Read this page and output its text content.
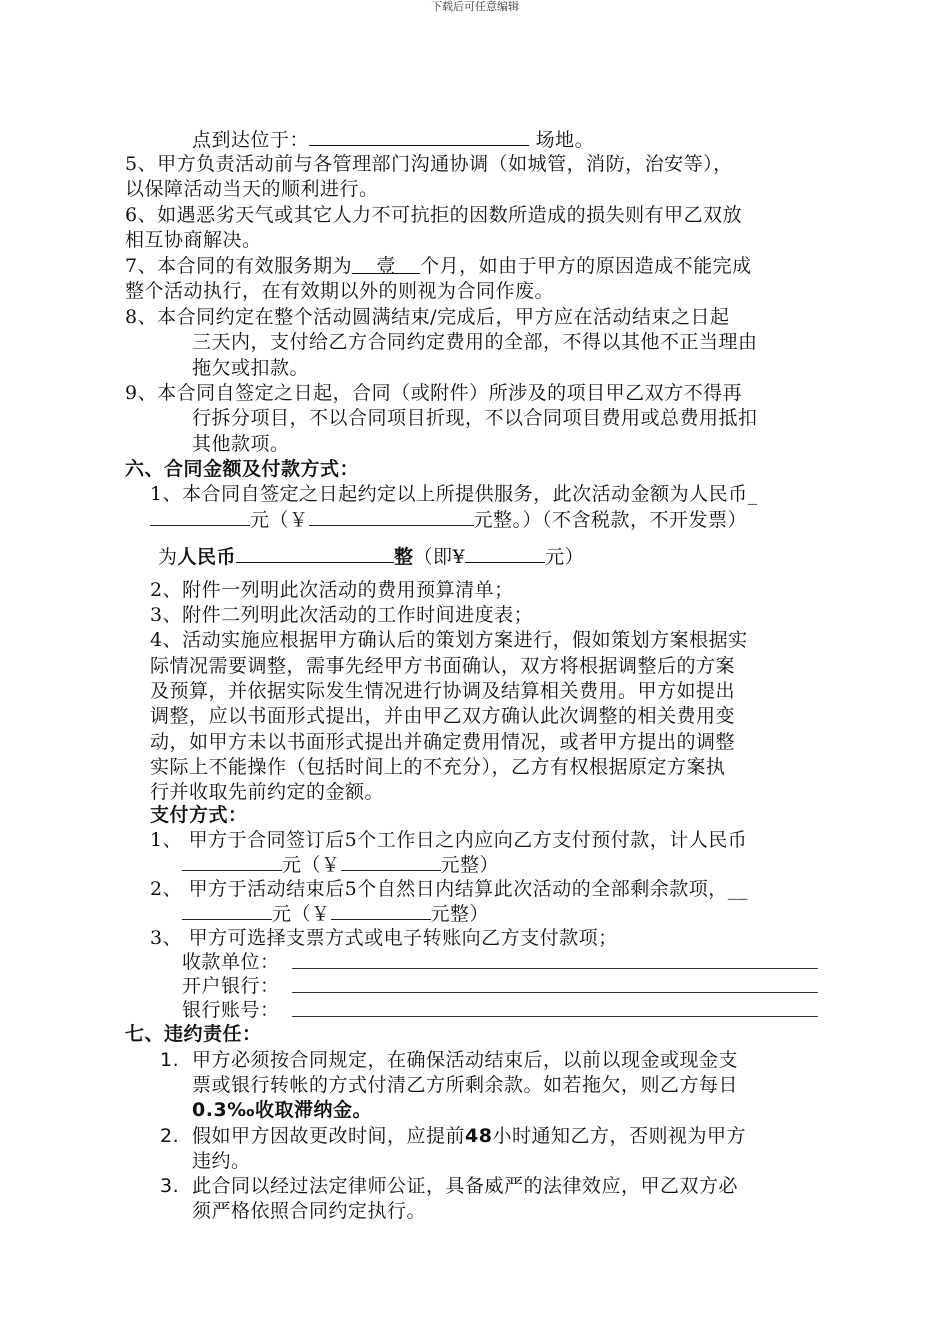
下载后可任意编辑
点到达位于：	场地。
5、甲方负责活动前与各管理部门沟通协调（如城管，消防，治安等），
以保障活动当天的顺利进行。
6、如遇恶劣天气或其它人力不可抗拒的因数所造成的损失则有甲乙双放
相互协商解决。
7、本合同的有效服务期为 壹 个月，如由于甲方的原因造成不能完成
整个活动执行，在有效期以外的则视为合同作废。
8、本合同约定在整个活动圆满结束/完成后，甲方应在活动结束之日起
三天内，支付给乙方合同约定费用的全部，不得以其他不正当理由
拖欠或扣款。
9、本合同自签定之日起，合同（或附件）所涉及的项目甲乙双方不得再
行拆分项目，不以合同项目折现，不以合同项目费用或总费用抵扣
其他款项。
六、合同金额及付款方式：
1、本合同自签定之日起约定以上所提供服务，此次活动金额为人民币_
元（￥	元整。）（不含税款，不开发票）
为人民币	整（即¥	元）
2、附件一列明此次活动的费用预算清单；
3、附件二列明此次活动的工作时间进度表；
4、活动实施应根据甲方确认后的策划方案进行，假如策划方案根据实
际情况需要调整，需事先经甲方书面确认，双方将根据调整后的方案
及预算，并依据实际发生情况进行协调及结算相关费用。甲方如提出
调整，应以书面形式提出，并由甲乙双方确认此次调整的相关费用变
动，如甲方未以书面形式提出并确定费用情况，或者甲方提出的调整
实际上不能操作（包括时间上的不充分），乙方有权根据原定方案执
行并收取先前约定的金额。
支付方式：
1、 甲方于合同签订后5个工作日之内应向乙方支付预付款，计人民币
元（￥	元整）
2、 甲方于活动结束后5个自然日内结算此次活动的全部剩余款项，__
元（￥	元整）
3、 甲方可选择支票方式或电子转账向乙方支付款项；
收款单位：
开户银行：
银行账号：
七、违约责任：
1. 甲方必须按合同规定，在确保活动结束后，以前以现金或现金支
票或银行转帐的方式付清乙方所剩余款。如若拖欠，则乙方每日
0.3‰收取滞纳金。
2. 假如甲方因故更改时间，应提前48小时通知乙方，否则视为甲方
违约。
3. 此合同以经过法定律师公证，具备威严的法律效应，甲乙双方必
须严格依照合同约定执行。
